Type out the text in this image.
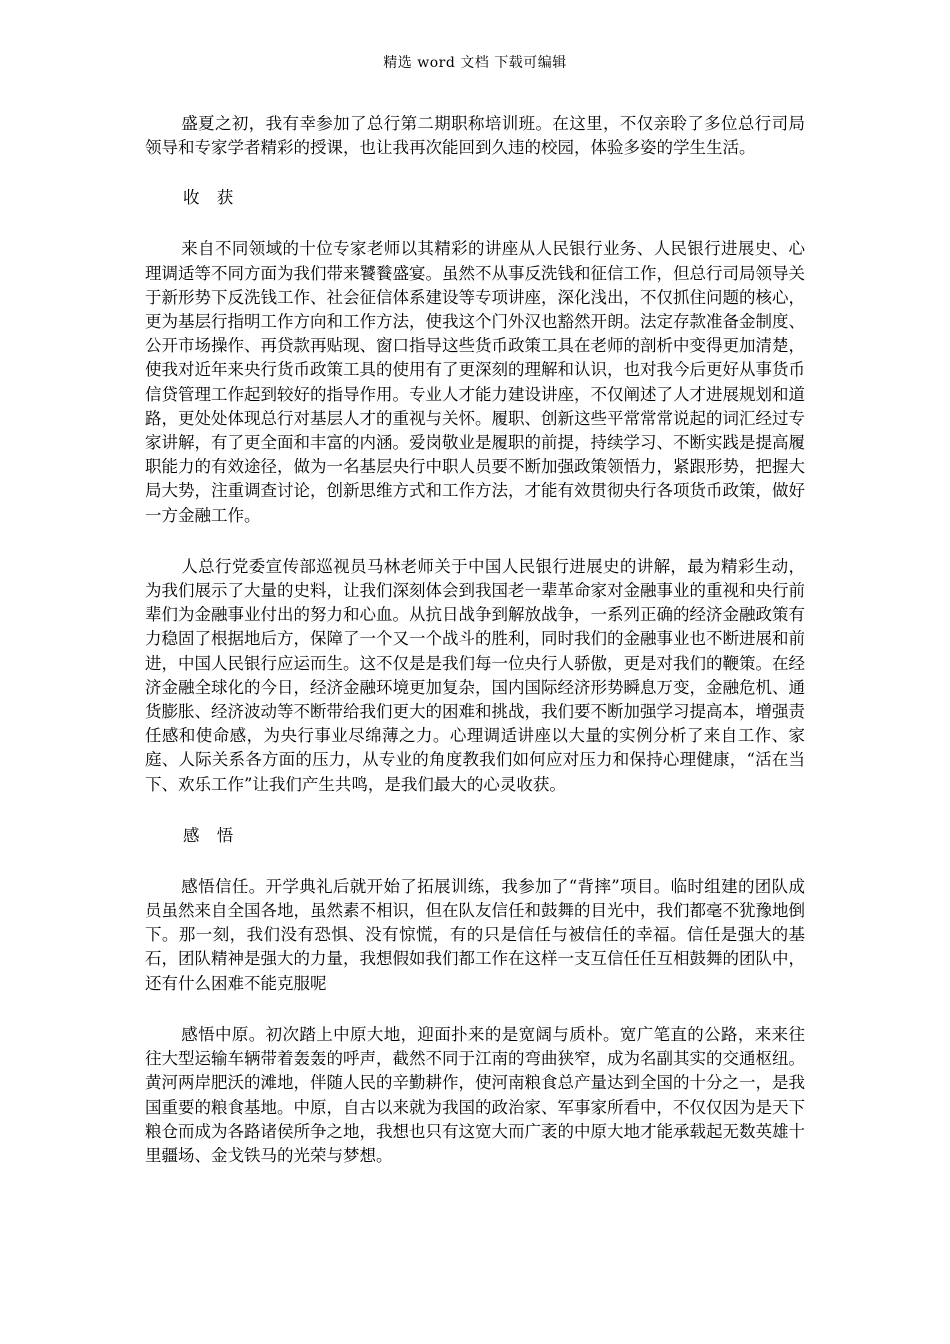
精选 word 文档 下载可编辑

盛夏之初，我有幸参加了总行第二期职称培训班。在这里，不仅亲聆了多位总行司局领导和专家学者精彩的授课，也让我再次能回到久违的校园，体验多姿的学生生活。

收 获

来自不同领域的十位专家老师以其精彩的讲座从人民银行业务、人民银行进展史、心理调适等不同方面为我们带来饕餮盛宴。虽然不从事反洗钱和征信工作，但总行司局领导关于新形势下反洗钱工作、社会征信体系建设等专项讲座，深化浅出，不仅抓住问题的核心，更为基层行指明工作方向和工作方法，使我这个门外汉也豁然开朗。法定存款准备金制度、公开市场操作、再贷款再贴现、窗口指导这些货币政策工具在老师的剖析中变得更加清楚，使我对近年来央行货币政策工具的使用有了更深刻的理解和认识，也对我今后更好从事货币信贷管理工作起到较好的指导作用。专业人才能力建设讲座，不仅阐述了人才进展规划和道路，更处处体现总行对基层人才的重视与关怀。履职、创新这些平常常常说起的词汇经过专家讲解，有了更全面和丰富的内涵。爱岗敬业是履职的前提，持续学习、不断实践是提高履职能力的有效途径，做为一名基层央行中职人员要不断加强政策领悟力，紧跟形势，把握大局大势，注重调查讨论，创新思维方式和工作方法，才能有效贯彻央行各项货币政策，做好一方金融工作。

人总行党委宣传部巡视员马林老师关于中国人民银行进展史的讲解，最为精彩生动，为我们展示了大量的史料，让我们深刻体会到我国老一辈革命家对金融事业的重视和央行前辈们为金融事业付出的努力和心血。从抗日战争到解放战争，一系列正确的经济金融政策有力稳固了根据地后方，保障了一个又一个战斗的胜利，同时我们的金融事业也不断进展和前进，中国人民银行应运而生。这不仅是是我们每一位央行人骄傲，更是对我们的鞭策。在经济金融全球化的今日，经济金融环境更加复杂，国内国际经济形势瞬息万变，金融危机、通货膨胀、经济波动等不断带给我们更大的困难和挑战，我们要不断加强学习提高本，增强责任感和使命感，为央行事业尽绵薄之力。心理调适讲座以大量的实例分析了来自工作、家庭、人际关系各方面的压力，从专业的角度教我们如何应对压力和保持心理健康，“活在当下、欢乐工作”让我们产生共鸣，是我们最大的心灵收获。

感 悟

感悟信任。开学典礼后就开始了拓展训练，我参加了“背摔”项目。临时组建的团队成员虽然来自全国各地，虽然素不相识，但在队友信任和鼓舞的目光中，我们都毫不犹豫地倒下。那一刻，我们没有恐惧、没有惊慌，有的只是信任与被信任的幸福。信任是强大的基石，团队精神是强大的力量，我想假如我们都工作在这样一支互信任任互相鼓舞的团队中，还有什么困难不能克服呢

感悟中原。初次踏上中原大地，迎面扑来的是宽阔与质朴。宽广笔直的公路，来来往往大型运输车辆带着轰轰的呼声，截然不同于江南的弯曲狭窄，成为名副其实的交通枢纽。黄河两岸肥沃的滩地，伴随人民的辛勤耕作，使河南粮食总产量达到全国的十分之一，是我国重要的粮食基地。中原，自古以来就为我国的政治家、军事家所看中，不仅仅因为是天下粮仓而成为各路诸侯所争之地，我想也只有这宽大而广袤的中原大地才能承载起无数英雄十里疆场、金戈铁马的光荣与梦想。
